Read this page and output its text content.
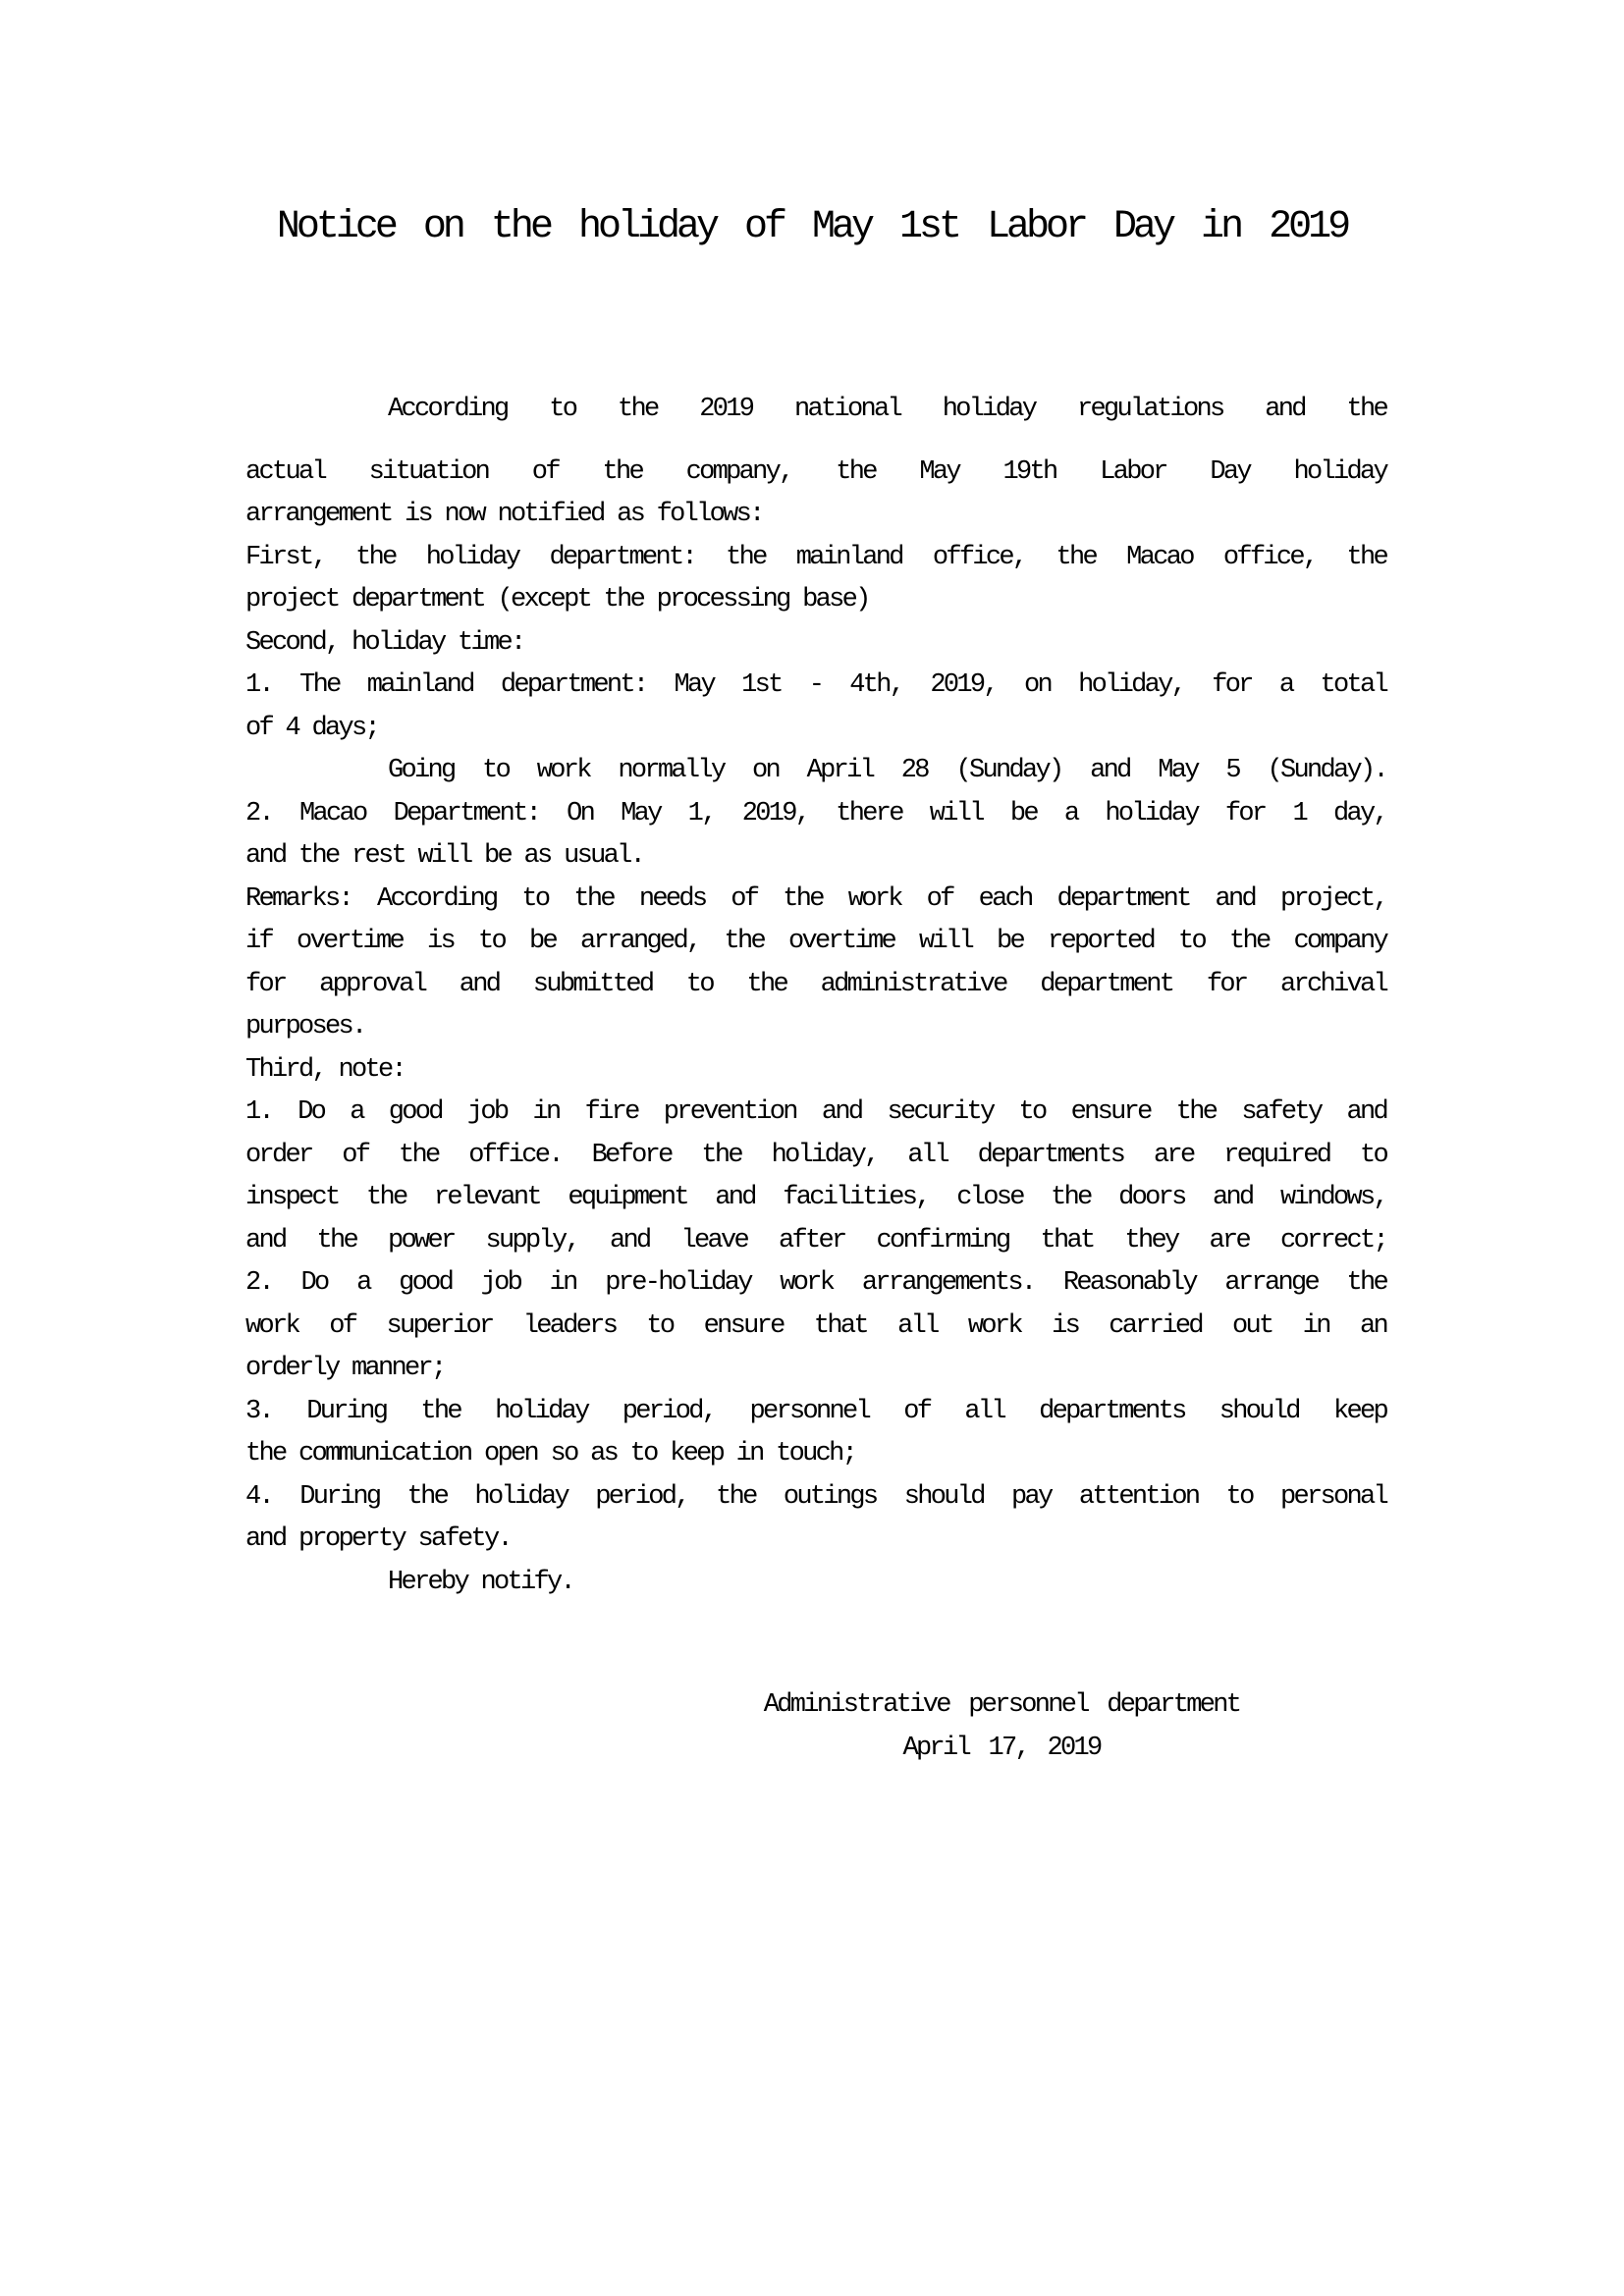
Notice on the holiday of May 1st Labor Day in 2019
According to the 2019 national holiday regulations and the
actual situation of the company, the May 19th Labor Day holiday
arrangement is now notified as follows:
First, the holiday department: the mainland office, the Macao office, the
project department (except the processing base)
Second, holiday time:
1. The mainland department: May 1st - 4th, 2019, on holiday, for a total
of 4 days;
Going to work normally on April 28 (Sunday) and May 5 (Sunday).
2. Macao Department: On May 1, 2019, there will be a holiday for 1 day,
and the rest will be as usual.
Remarks: According to the needs of the work of each department and project,
if overtime is to be arranged, the overtime will be reported to the company
for approval and submitted to the administrative department for archival
purposes.
Third, note:
1. Do a good job in fire prevention and security to ensure the safety and
order of the office. Before the holiday, all departments are required to
inspect the relevant equipment and facilities, close the doors and windows,
and the power supply, and leave after confirming that they are correct;
2. Do a good job in pre-holiday work arrangements. Reasonably arrange the
work of superior leaders to ensure that all work is carried out in an
orderly manner;
3. During the holiday period, personnel of all departments should keep
the communication open so as to keep in touch;
4. During the holiday period, the outings should pay attention to personal
and property safety.
Hereby notify.
Administrative personnel department
April 17, 2019
